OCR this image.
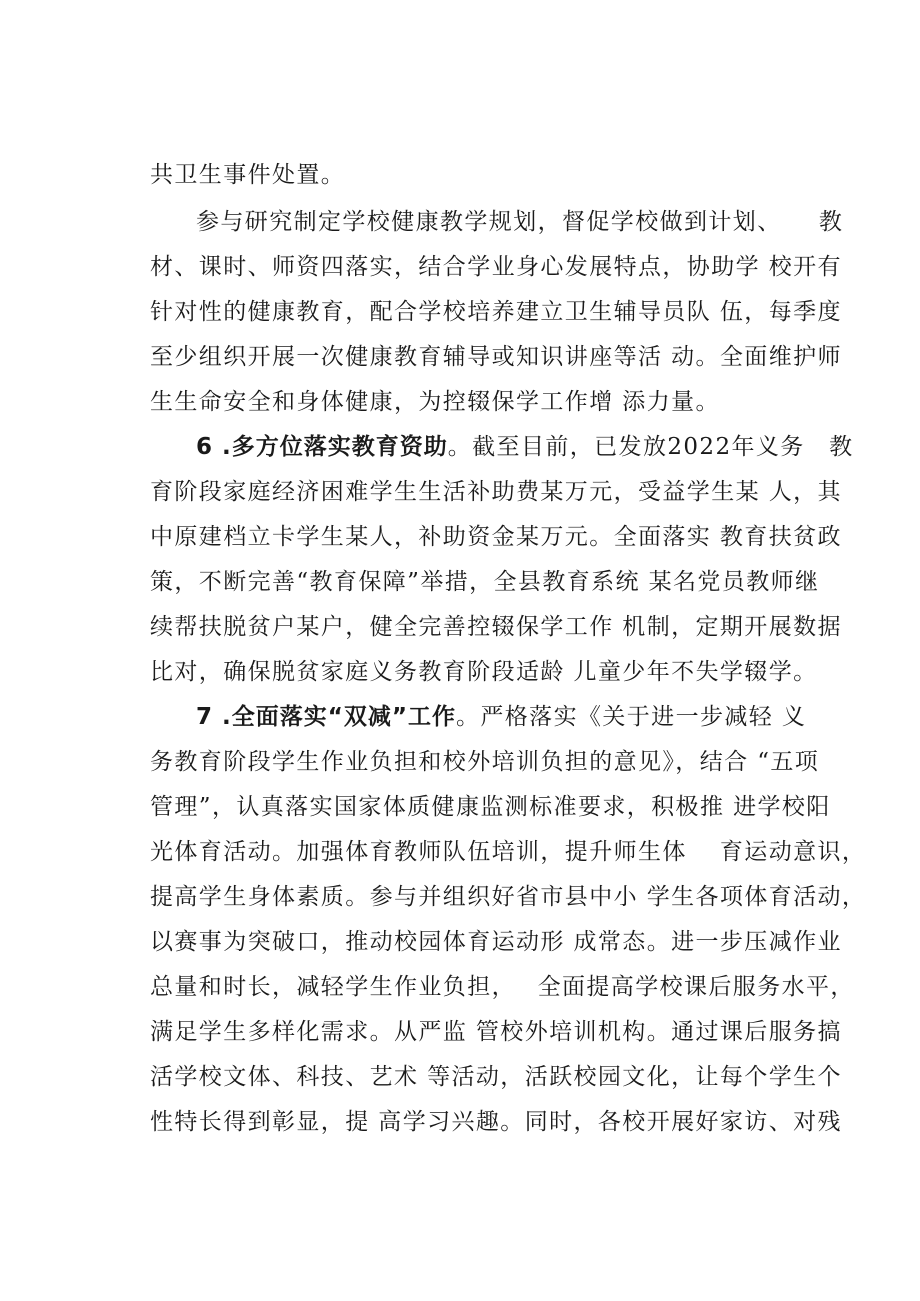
共卫生事件处置。
参与研究制定学校健康教学规划，督促学校做到计划、　　教
材、课时、师资四落实，结合学业身心发展特点，协助学 校开有
针对性的健康教育，配合学校培养建立卫生辅导员队 伍，每季度
至少组织开展一次健康教育辅导或知识讲座等活 动。全面维护师
生生命安全和身体健康，为控辍保学工作增 添力量。
6 .多方位落实教育资助。截至目前，已发放2022年义务　教
育阶段家庭经济困难学生生活补助费某万元，受益学生某 人，其
中原建档立卡学生某人，补助资金某万元。全面落实 教育扶贫政
策，不断完善“教育保障”举措，全县教育系统 某名党员教师继
续帮扶脱贫户某户，健全完善控辍保学工作 机制，定期开展数据
比对，确保脱贫家庭义务教育阶段适龄 儿童少年不失学辍学。
7 .全面落实“双减”工作。严格落实《关于进一步减轻 义
务教育阶段学生作业负担和校外培训负担的意见》，结合 “五项
管理”，认真落实国家体质健康监测标准要求，积极推 进学校阳
光体育活动。加强体育教师队伍培训，提升师生体　 育运动意识，
提高学生身体素质。参与并组织好省市县中小 学生各项体育活动，
以赛事为突破口，推动校园体育运动形 成常态。进一步压减作业
总量和时长，减轻学生作业负担，　 全面提高学校课后服务水平，
满足学生多样化需求。从严监 管校外培训机构。通过课后服务搞
活学校文体、科技、艺术 等活动，活跃校园文化，让每个学生个
性特长得到彰显，提 高学习兴趣。同时，各校开展好家访、对残
